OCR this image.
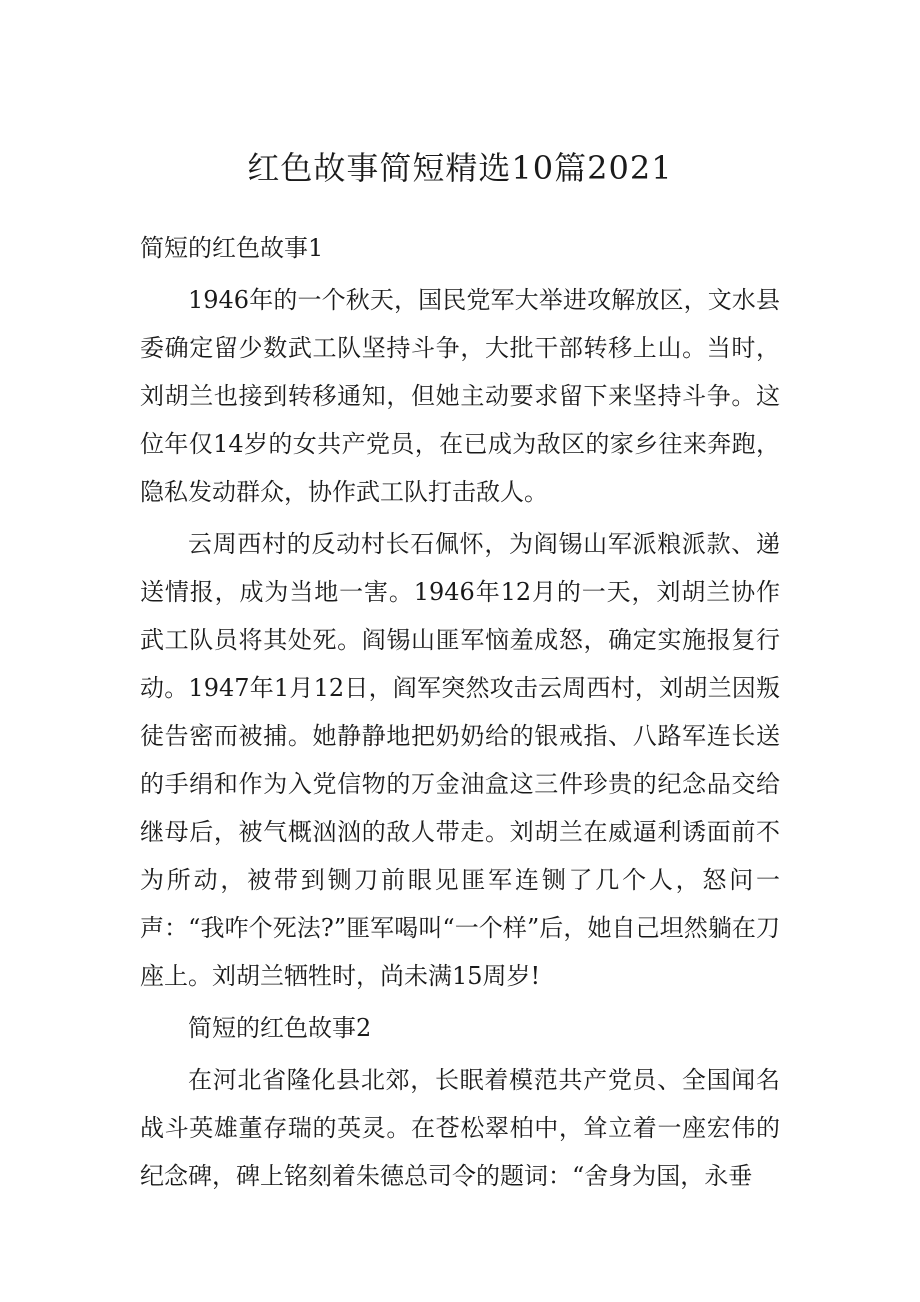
红色故事简短精选10篇2021

简短的红色故事1

1946年的一个秋天，国民党军大举进攻解放区，文水县委确定留少数武工队坚持斗争，大批干部转移上山。当时，刘胡兰也接到转移通知，但她主动要求留下来坚持斗争。这位年仅14岁的女共产党员，在已成为敌区的家乡往来奔跑，隐私发动群众，协作武工队打击敌人。

云周西村的反动村长石佩怀，为阎锡山军派粮派款、递送情报，成为当地一害。1946年12月的一天，刘胡兰协作武工队员将其处死。阎锡山匪军恼羞成怒，确定实施报复行动。1947年1月12日，阎军突然攻击云周西村，刘胡兰因叛徒告密而被捕。她静静地把奶奶给的银戒指、八路军连长送的手绢和作为入党信物的万金油盒这三件珍贵的纪念品交给继母后，被气概汹汹的敌人带走。刘胡兰在威逼利诱面前不为所动，被带到铡刀前眼见匪军连铡了几个人，怒问一声：“我咋个死法?”匪军喝叫“一个样”后，她自己坦然躺在刀座上。刘胡兰牺牲时，尚未满15周岁!

简短的红色故事2

在河北省隆化县北郊，长眠着模范共产党员、全国闻名战斗英雄董存瑞的英灵。在苍松翠柏中，耸立着一座宏伟的纪念碑，碑上铭刻着朱德总司令的题词：“舍身为国，永垂
